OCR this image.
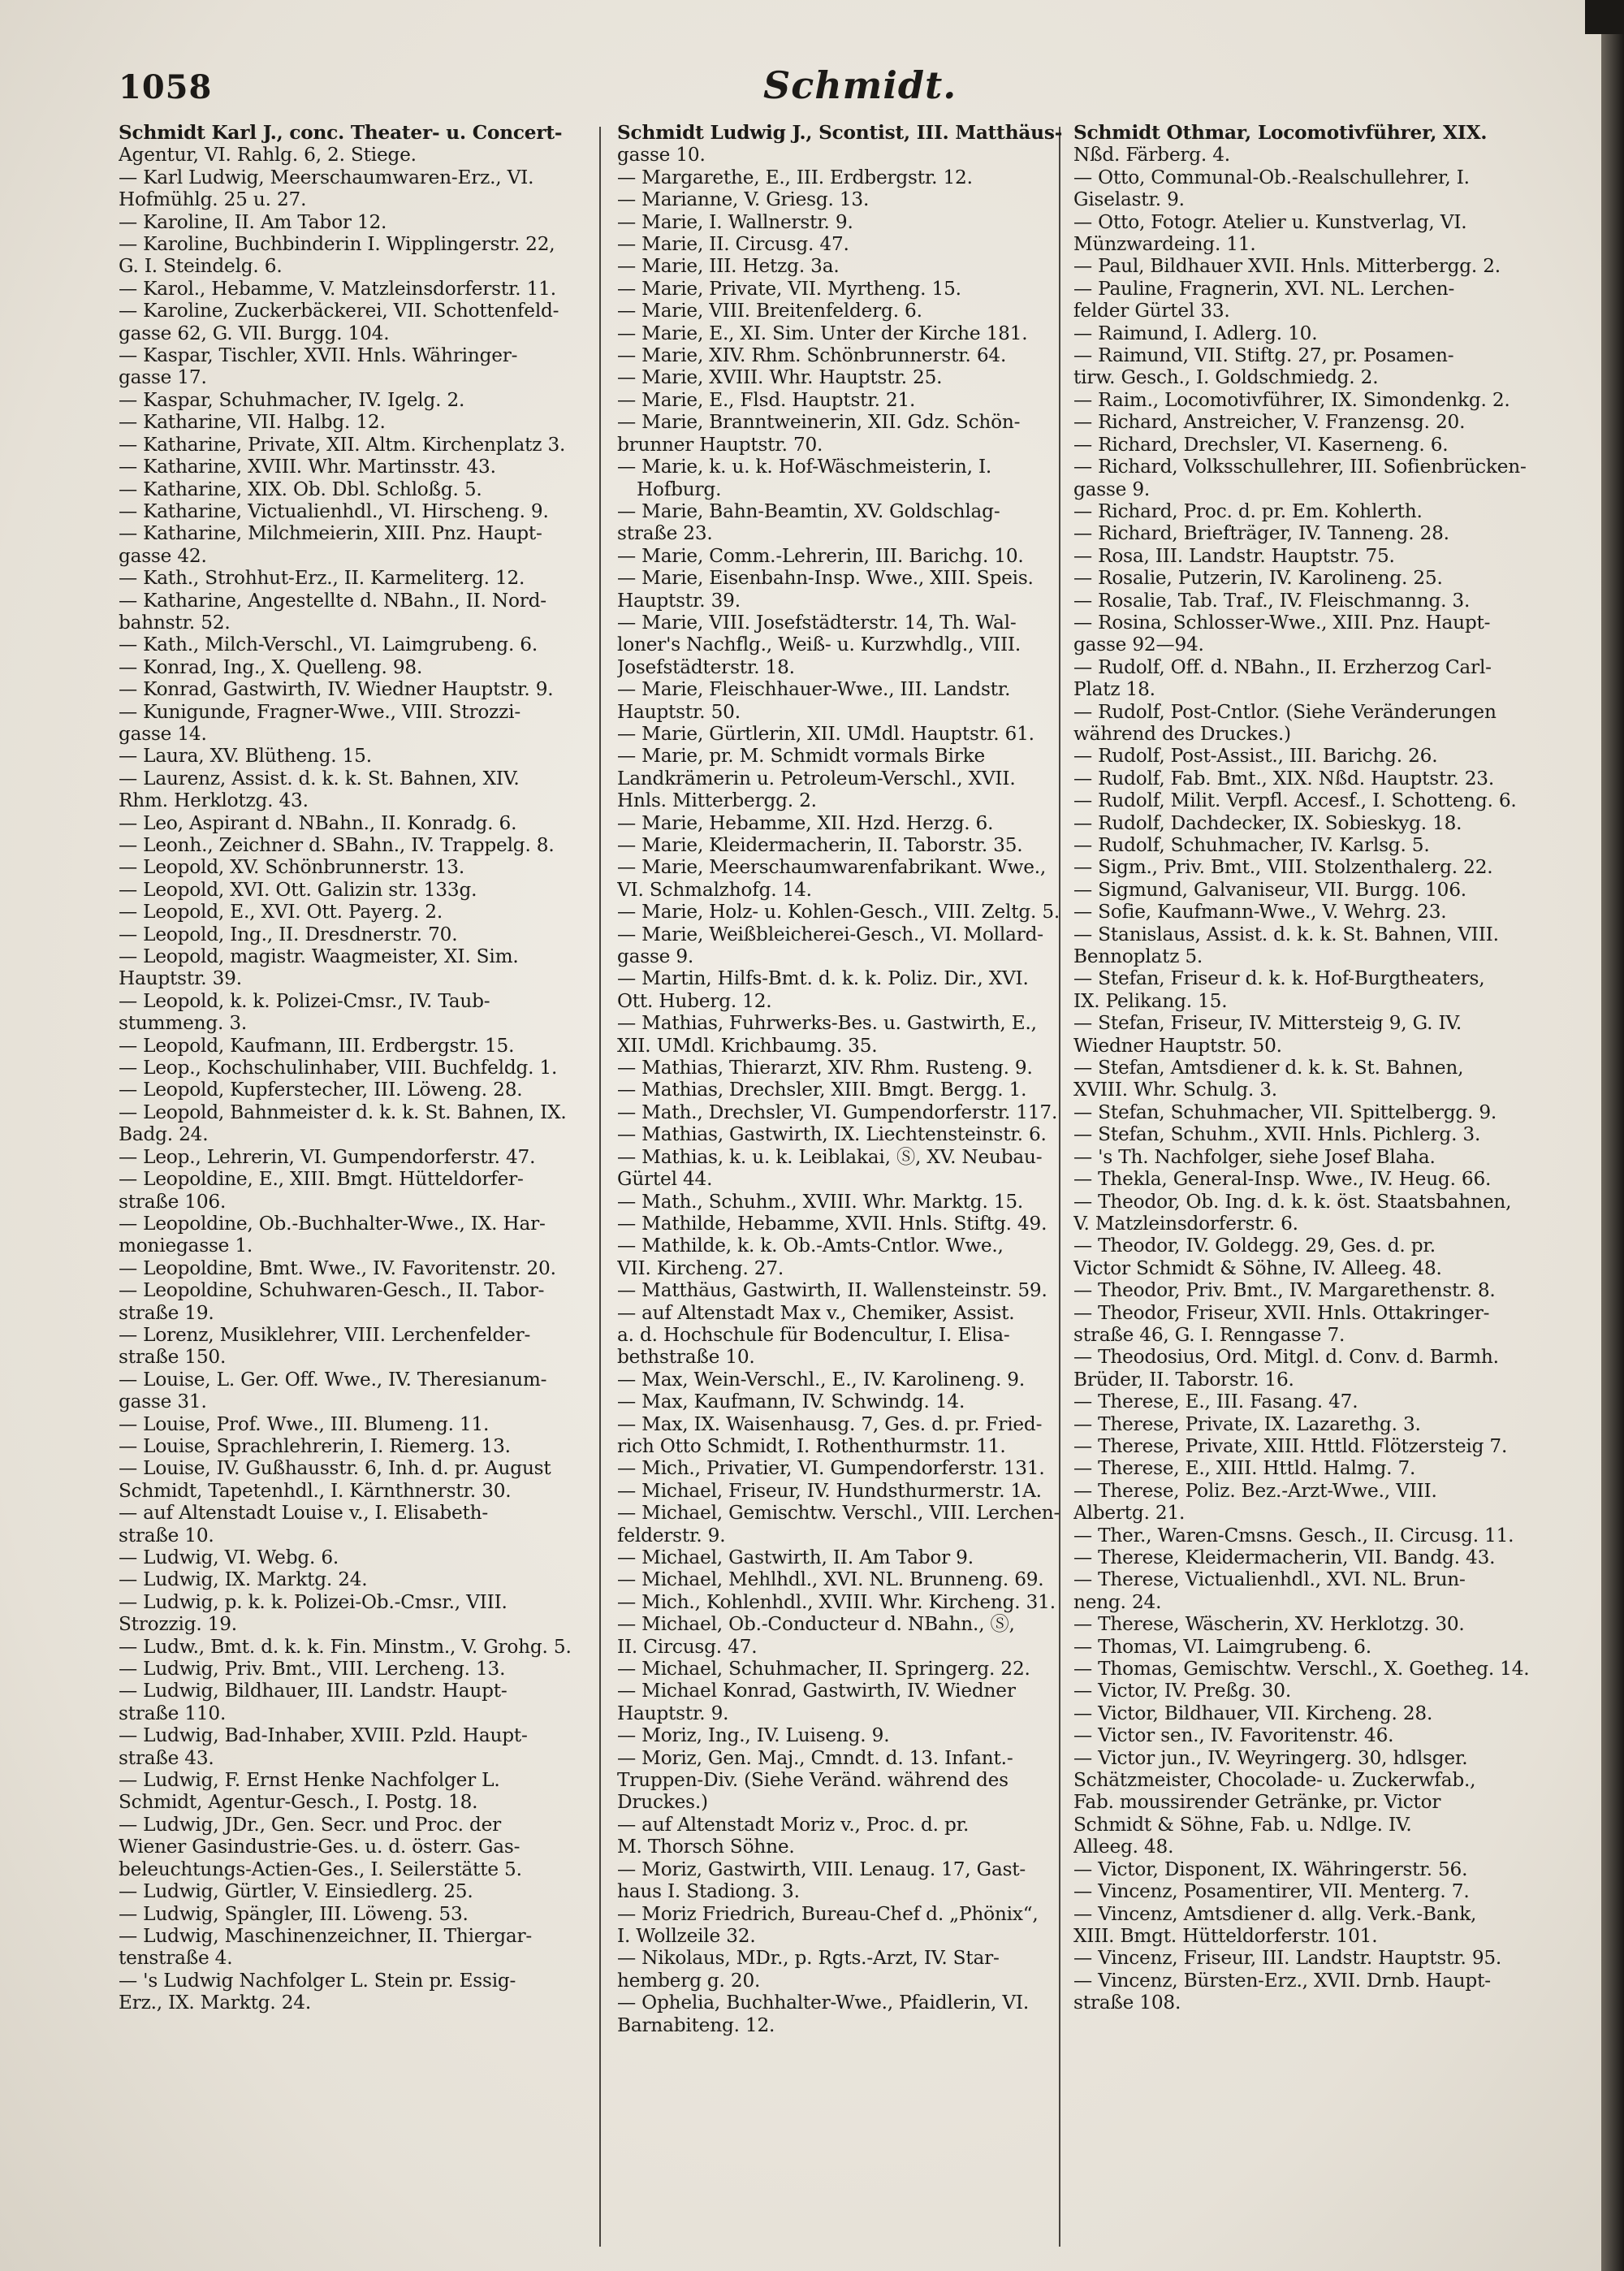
1058	Schmidt.
Schmidt Karl J., conc. Theater- u. Concert-
Agentur, VI. Rahlg. 6, 2. Stiege.
— Karl Ludwig, Meerschaumwaren-Erz., VI.
Hofmühlg. 25 u. 27.
— Karoline, II. Am Tabor 12.
— Karoline, Buchbinderin I. Wipplingerstr. 22,
G. I. Steindelg. 6.
— Karol., Hebamme, V. Matzleinsdorferstr. 11.
— Karoline, Zuckerbäckerei, VII. Schottenfeld-
gasse 62, G. VII. Burgg. 104.
— Kaspar, Tischler, XVII. Hnls. Währinger-
gasse 17.
— Kaspar, Schuhmacher, IV. Igelg. 2.
— Katharine, VII. Halbg. 12.
— Katharine, Private, XII. Altm. Kirchenplatz 3.
— Katharine, XVIII. Whr. Martinsstr. 43.
— Katharine, XIX. Ob. Dbl. Schloßg. 5.
— Katharine, Victualienhdl., VI. Hirscheng. 9.
— Katharine, Milchmeierin, XIII. Pnz. Haupt-
gasse 42.
— Kath., Strohhut-Erz., II. Karmeliterg. 12.
— Katharine, Angestellte d. NBahn., II. Nord-
bahnstr. 52.
— Kath., Milch-Verschl., VI. Laimgrubeng. 6.
— Konrad, Ing., X. Quelleng. 98.
— Konrad, Gastwirth, IV. Wiedner Hauptstr. 9.
— Kunigunde, Fragner-Wwe., VIII. Strozzi-
gasse 14.
— Laura, XV. Blütheng. 15.
— Laurenz, Assist. d. k. k. St. Bahnen, XIV.
Rhm. Herklotzg. 43.
— Leo, Aspirant d. NBahn., II. Konradg. 6.
— Leonh., Zeichner d. SBahn., IV. Trappelg. 8.
— Leopold, XV. Schönbrunnerstr. 13.
— Leopold, XVI. Ott. Galizin str. 133g.
— Leopold, E., XVI. Ott. Payerg. 2.
— Leopold, Ing., II. Dresdnerstr. 70.
— Leopold, magistr. Waagmeister, XI. Sim.
Hauptstr. 39.
— Leopold, k. k. Polizei-Cmsr., IV. Taub-
stummeng. 3.
— Leopold, Kaufmann, III. Erdbergstr. 15.
— Leop., Kochschulinhaber, VIII. Buchfeldg. 1.
— Leopold, Kupferstecher, III. Löweng. 28.
— Leopold, Bahnmeister d. k. k. St. Bahnen, IX.
Badg. 24.
— Leop., Lehrerin, VI. Gumpendorferstr. 47.
— Leopoldine, E., XIII. Bmgt. Hütteldorfer-
straße 106.
— Leopoldine, Ob.-Buchhalter-Wwe., IX. Har-
moniegasse 1.
— Leopoldine, Bmt. Wwe., IV. Favoritenstr. 20.
— Leopoldine, Schuhwaren-Gesch., II. Tabor-
straße 19.
— Lorenz, Musiklehrer, VIII. Lerchenfelder-
straße 150.
— Louise, L. Ger. Off. Wwe., IV. Theresianum-
gasse 31.
— Louise, Prof. Wwe., III. Blumeng. 11.
— Louise, Sprachlehrerin, I. Riemerg. 13.
— Louise, IV. Gußhausstr. 6, Inh. d. pr. August
Schmidt, Tapetenhdl., I. Kärnthnerstr. 30.
— auf Altenstadt Louise v., I. Elisabeth-
straße 10.
— Ludwig, VI. Webg. 6.
— Ludwig, IX. Marktg. 24.
— Ludwig, p. k. k. Polizei-Ob.-Cmsr., VIII.
Strozzig. 19.
— Ludw., Bmt. d. k. k. Fin. Minstm., V. Grohg. 5.
— Ludwig, Priv. Bmt., VIII. Lercheng. 13.
— Ludwig, Bildhauer, III. Landstr. Haupt-
straße 110.
— Ludwig, Bad-Inhaber, XVIII. Pzld. Haupt-
straße 43.
— Ludwig, F. Ernst Henke Nachfolger L.
Schmidt, Agentur-Gesch., I. Postg. 18.
— Ludwig, JDr., Gen. Secr. und Proc. der
Wiener Gasindustrie-Ges. u. d. österr. Gas-
beleuchtungs-Actien-Ges., I. Seilerstätte 5.
— Ludwig, Gürtler, V. Einsiedlerg. 25.
— Ludwig, Spängler, III. Löweng. 53.
— Ludwig, Maschinenzeichner, II. Thiergar-
tenstraße 4.
— 's Ludwig Nachfolger L. Stein pr. Essig-
Erz., IX. Marktg. 24.
Schmidt Ludwig J., Scontist, III. Matthäus-
gasse 10.
— Margarethe, E., III. Erdbergstr. 12.
— Marianne, V. Griesg. 13.
— Marie, I. Wallnerstr. 9.
— Marie, II. Circusg. 47.
— Marie, III. Hetzg. 3a.
— Marie, Private, VII. Myrtheng. 15.
— Marie, VIII. Breitenfelderg. 6.
— Marie, E., XI. Sim. Unter der Kirche 181.
— Marie, XIV. Rhm. Schönbrunnerstr. 64.
— Marie, XVIII. Whr. Hauptstr. 25.
— Marie, E., Flsd. Hauptstr. 21.
— Marie, Branntweinerin, XII. Gdz. Schön-
brunner Hauptstr. 70.
— Marie, k. u. k. Hof-Wäschmeisterin, I. Hofburg.
— Marie, Bahn-Beamtin, XV. Goldschlag-
straße 23.
— Marie, Comm.-Lehrerin, III. Barichg. 10.
— Marie, Eisenbahn-Insp. Wwe., XIII. Speis.
Hauptstr. 39.
— Marie, VIII. Josefstädterstr. 14, Th. Wal-
loner's Nachflg., Weiß- u. Kurzwhdlg., VIII.
Josefstädterstr. 18.
— Marie, Fleischhauer-Wwe., III. Landstr.
Hauptstr. 50.
— Marie, Gürtlerin, XII. UMdl. Hauptstr. 61.
— Marie, pr. M. Schmidt vormals Birke
Landkrämerin u. Petroleum-Verschl., XVII.
Hnls. Mitterbergg. 2.
— Marie, Hebamme, XII. Hzd. Herzg. 6.
— Marie, Kleidermacherin, II. Taborstr. 35.
— Marie, Meerschaumwarenfabrikant. Wwe.,
VI. Schmalzhofg. 14.
— Marie, Holz- u. Kohlen-Gesch., VIII. Zeltg. 5.
— Marie, Weißbleicherei-Gesch., VI. Mollard-
gasse 9.
— Martin, Hilfs-Bmt. d. k. k. Poliz. Dir., XVI.
Ott. Huberg. 12.
— Mathias, Fuhrwerks-Bes. u. Gastwirth, E.,
XII. UMdl. Krichbaumg. 35.
— Mathias, Thierarzt, XIV. Rhm. Rusteng. 9.
— Mathias, Drechsler, XIII. Bmgt. Bergg. 1.
— Math., Drechsler, VI. Gumpendorferstr. 117.
— Mathias, Gastwirth, IX. Liechtensteinstr. 6.
— Mathias, k. u. k. Leiblakai, Ⓢ, XV. Neubau-
Gürtel 44.
— Math., Schuhm., XVIII. Whr. Marktg. 15.
— Mathilde, Hebamme, XVII. Hnls. Stiftg. 49.
— Mathilde, k. k. Ob.-Amts-Cntlor. Wwe.,
VII. Kircheng. 27.
— Matthäus, Gastwirth, II. Wallensteinstr. 59.
— auf Altenstadt Max v., Chemiker, Assist.
a. d. Hochschule für Bodencultur, I. Elisa-
bethstraße 10.
— Max, Wein-Verschl., E., IV. Karolineng. 9.
— Max, Kaufmann, IV. Schwindg. 14.
— Max, IX. Waisenhausg. 7, Ges. d. pr. Fried-
rich Otto Schmidt, I. Rothenthurmstr. 11.
— Mich., Privatier, VI. Gumpendorferstr. 131.
— Michael, Friseur, IV. Hundsthurmerstr. 1A.
— Michael, Gemischtw. Verschl., VIII. Lerchen-
felderstr. 9.
— Michael, Gastwirth, II. Am Tabor 9.
— Michael, Mehlhdl., XVI. NL. Brunneng. 69.
— Mich., Kohlenhdl., XVIII. Whr. Kircheng. 31.
— Michael, Ob.-Conducteur d. NBahn., Ⓢ,
II. Circusg. 47.
— Michael, Schuhmacher, II. Springerg. 22.
— Michael Konrad, Gastwirth, IV. Wiedner
Hauptstr. 9.
— Moriz, Ing., IV. Luiseng. 9.
— Moriz, Gen. Maj., Cmndt. d. 13. Infant.-
Truppen-Div. (Siehe Veränd. während des
Druckes.)
— auf Altenstadt Moriz v., Proc. d. pr.
M. Thorsch Söhne.
— Moriz, Gastwirth, VIII. Lenaug. 17, Gast-
haus I. Stadiong. 3.
— Moriz Friedrich, Bureau-Chef d. „Phönix“,
I. Wollzeile 32.
— Nikolaus, MDr., p. Rgts.-Arzt, IV. Star-
hemberg g. 20.
— Ophelia, Buchhalter-Wwe., Pfaidlerin, VI.
Barnabiteng. 12.
Schmidt Othmar, Locomotivführer, XIX.
Nßd. Färberg. 4.
— Otto, Communal-Ob.-Realschullehrer, I.
Giselastr. 9.
— Otto, Fotogr. Atelier u. Kunstverlag, VI.
Münzwardeing. 11.
— Paul, Bildhauer XVII. Hnls. Mitterbergg. 2.
— Pauline, Fragnerin, XVI. NL. Lerchen-
felder Gürtel 33.
— Raimund, I. Adlerg. 10.
— Raimund, VII. Stiftg. 27, pr. Posamen-
tirw. Gesch., I. Goldschmiedg. 2.
— Raim., Locomotivführer, IX. Simondenkg. 2.
— Richard, Anstreicher, V. Franzensg. 20.
— Richard, Drechsler, VI. Kaserneng. 6.
— Richard, Volksschullehrer, III. Sofienbrücken-
gasse 9.
— Richard, Proc. d. pr. Em. Kohlerth.
— Richard, Briefträger, IV. Tanneng. 28.
— Rosa, III. Landstr. Hauptstr. 75.
— Rosalie, Putzerin, IV. Karolineng. 25.
— Rosalie, Tab. Traf., IV. Fleischmanng. 3.
— Rosina, Schlosser-Wwe., XIII. Pnz. Haupt-
gasse 92—94.
— Rudolf, Off. d. NBahn., II. Erzherzog Carl-
Platz 18.
— Rudolf, Post-Cntlor. (Siehe Veränderungen
während des Druckes.)
— Rudolf, Post-Assist., III. Barichg. 26.
— Rudolf, Fab. Bmt., XIX. Nßd. Hauptstr. 23.
— Rudolf, Milit. Verpfl. Accesf., I. Schotteng. 6.
— Rudolf, Dachdecker, IX. Sobieskyg. 18.
— Rudolf, Schuhmacher, IV. Karlsg. 5.
— Sigm., Priv. Bmt., VIII. Stolzenthalerg. 22.
— Sigmund, Galvaniseur, VII. Burgg. 106.
— Sofie, Kaufmann-Wwe., V. Wehrg. 23.
— Stanislaus, Assist. d. k. k. St. Bahnen, VIII.
Bennoplatz 5.
— Stefan, Friseur d. k. k. Hof-Burgtheaters,
IX. Pelikang. 15.
— Stefan, Friseur, IV. Mittersteig 9, G. IV.
Wiedner Hauptstr. 50.
— Stefan, Amtsdiener d. k. k. St. Bahnen,
XVIII. Whr. Schulg. 3.
— Stefan, Schuhmacher, VII. Spittelbergg. 9.
— Stefan, Schuhm., XVII. Hnls. Pichlerg. 3.
— 's Th. Nachfolger, siehe Josef Blaha.
— Thekla, General-Insp. Wwe., IV. Heug. 66.
— Theodor, Ob. Ing. d. k. k. öst. Staatsbahnen,
V. Matzleinsdorferstr. 6.
— Theodor, IV. Goldegg. 29, Ges. d. pr.
Victor Schmidt & Söhne, IV. Alleeg. 48.
— Theodor, Priv. Bmt., IV. Margarethenstr. 8.
— Theodor, Friseur, XVII. Hnls. Ottakringer-
straße 46, G. I. Renngasse 7.
— Theodosius, Ord. Mitgl. d. Conv. d. Barmh.
Brüder, II. Taborstr. 16.
— Therese, E., III. Fasang. 47.
— Therese, Private, IX. Lazarethg. 3.
— Therese, Private, XIII. Httld. Flötzersteig 7.
— Therese, E., XIII. Httld. Halmg. 7.
— Therese, Poliz. Bez.-Arzt-Wwe., VIII.
Albertg. 21.
— Ther., Waren-Cmsns. Gesch., II. Circusg. 11.
— Therese, Kleidermacherin, VII. Bandg. 43.
— Therese, Victualienhdl., XVI. NL. Brun-
neng. 24.
— Therese, Wäscherin, XV. Herklotzg. 30.
— Thomas, VI. Laimgrubeng. 6.
— Thomas, Gemischtw. Verschl., X. Goetheg. 14.
— Victor, IV. Preßg. 30.
— Victor, Bildhauer, VII. Kircheng. 28.
— Victor sen., IV. Favoritenstr. 46.
— Victor jun., IV. Weyringerg. 30, hdlsger.
Schätzmeister, Chocolade- u. Zuckerwfab.,
Fab. moussirender Getränke, pr. Victor
Schmidt & Söhne, Fab. u. Ndlge. IV.
Alleeg. 48.
— Victor, Disponent, IX. Währingerstr. 56.
— Vincenz, Posamentirer, VII. Menterg. 7.
— Vincenz, Amtsdiener d. allg. Verk.-Bank,
XIII. Bmgt. Hütteldorferstr. 101.
— Vincenz, Friseur, III. Landstr. Hauptstr. 95.
— Vincenz, Bürsten-Erz., XVII. Drnb. Haupt-
straße 108.
